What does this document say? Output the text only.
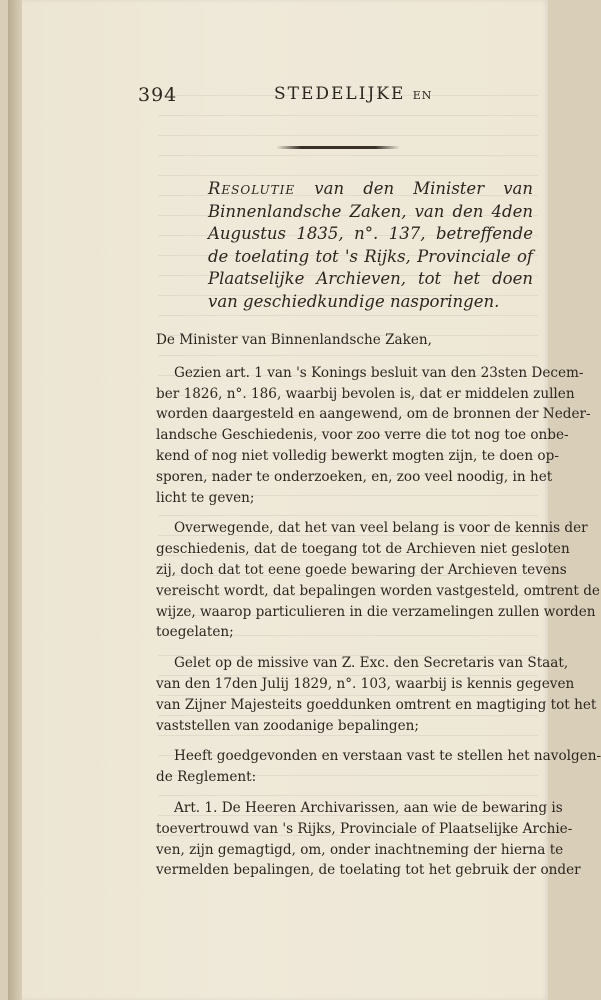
394	STEDELIJKE EN
Resolutie van den Minister van Binnenlandsche Zaken, van den 4den Augustus 1835, n°. 137, betreffende de toelating tot 's Rijks, Provinciale of Plaatselijke Archieven, tot het doen van geschiedkundige nasporingen.

De Minister van Binnenlandsche Zaken,

Gezien art. 1 van 's Konings besluit van den 23sten Decem-
ber 1826, n°. 186, waarbij bevolen is, dat er middelen zullen
worden daargesteld en aangewend, om de bronnen der Neder-
landsche Geschiedenis, voor zoo verre die tot nog toe onbe-
kend of nog niet volledig bewerkt mogten zijn, te doen op-
sporen, nader te onderzoeken, en, zoo veel noodig, in het
licht te geven;

Overwegende, dat het van veel belang is voor de kennis der
geschiedenis, dat de toegang tot de Archieven niet gesloten
zij, doch dat tot eene goede bewaring der Archieven tevens
vereischt wordt, dat bepalingen worden vastgesteld, omtrent de
wijze, waarop particulieren in die verzamelingen zullen worden
toegelaten;

Gelet op de missive van Z. Exc. den Secretaris van Staat,
van den 17den Julij 1829, n°. 103, waarbij is kennis gegeven
van Zijner Majesteits goeddunken omtrent en magtiging tot het
vaststellen van zoodanige bepalingen;

Heeft goedgevonden en verstaan vast te stellen het navolgen-
de Reglement:

Art. 1. De Heeren Archivarissen, aan wie de bewaring is
toevertrouwd van 's Rijks, Provinciale of Plaatselijke Archie-
ven, zijn gemagtigd, om, onder inachtneming der hierna te
vermelden bepalingen, de toelating tot het gebruik der onder
